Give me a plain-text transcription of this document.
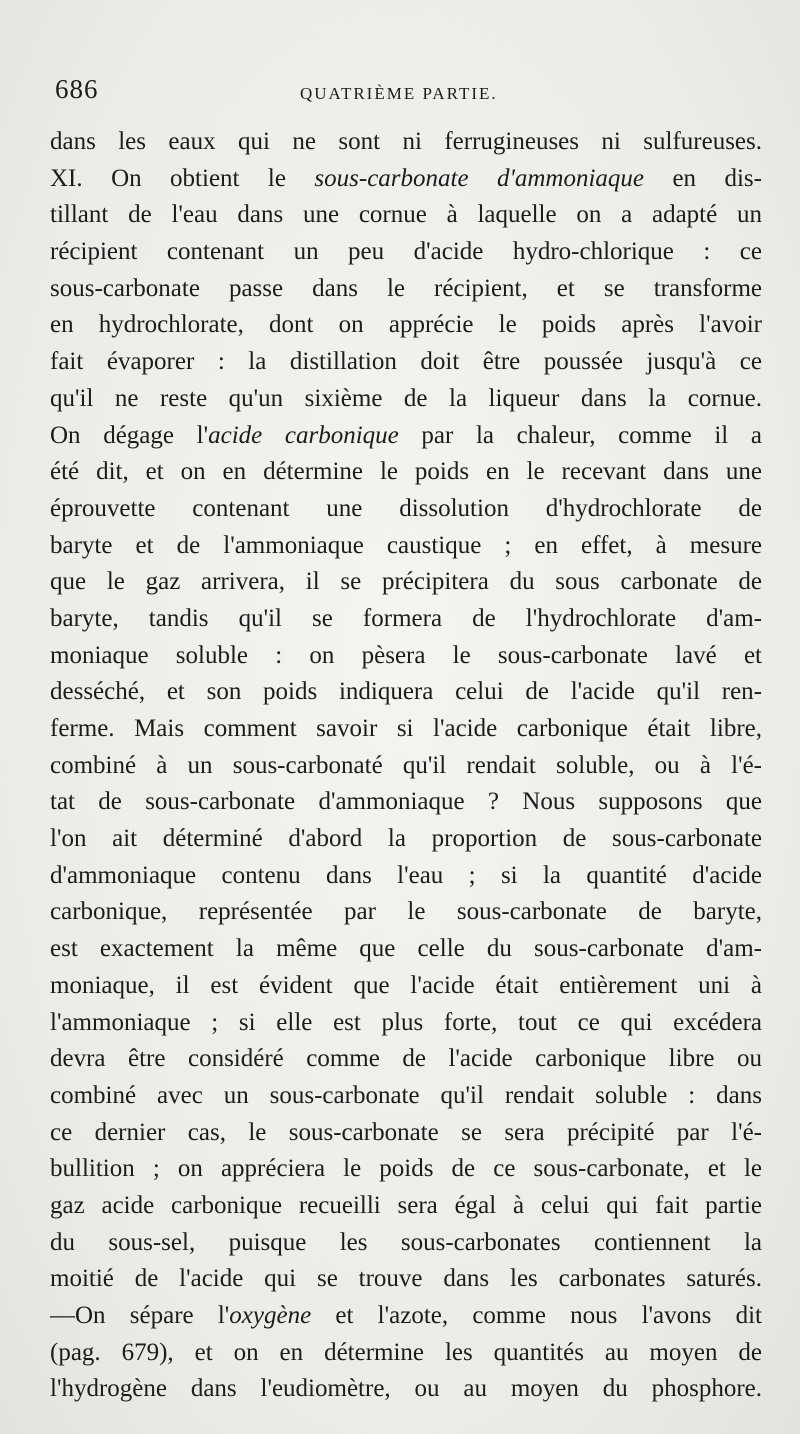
686	QUATRIÈME PARTIE.
dans les eaux qui ne sont ni ferrugineuses ni sulfureuses.
XI. On obtient le sous-carbonate d'ammoniaque en dis-
tillant de l'eau dans une cornue à laquelle on a adapté un
récipient contenant un peu d'acide hydro-chlorique : ce
sous-carbonate passe dans le récipient, et se transforme
en hydrochlorate, dont on apprécie le poids après l'avoir
fait évaporer : la distillation doit être poussée jusqu'à ce
qu'il ne reste qu'un sixième de la liqueur dans la cornue.
On dégage l'acide carbonique par la chaleur, comme il a
été dit, et on en détermine le poids en le recevant dans une
éprouvette contenant une dissolution d'hydrochlorate de
baryte et de l'ammoniaque caustique ; en effet, à mesure
que le gaz arrivera, il se précipitera du sous carbonate de
baryte, tandis qu'il se formera de l'hydrochlorate d'am-
moniaque soluble : on pèsera le sous-carbonate lavé et
desséché, et son poids indiquera celui de l'acide qu'il ren-
ferme. Mais comment savoir si l'acide carbonique était libre,
combiné à un sous-carbonaté qu'il rendait soluble, ou à l'é-
tat de sous-carbonate d'ammoniaque ? Nous supposons que
l'on ait déterminé d'abord la proportion de sous-carbonate
d'ammoniaque contenu dans l'eau ; si la quantité d'acide
carbonique, représentée par le sous-carbonate de baryte,
est exactement la même que celle du sous-carbonate d'am-
moniaque, il est évident que l'acide était entièrement uni à
l'ammoniaque ; si elle est plus forte, tout ce qui excédera
devra être considéré comme de l'acide carbonique libre ou
combiné avec un sous-carbonate qu'il rendait soluble : dans
ce dernier cas, le sous-carbonate se sera précipité par l'é-
bullition ; on appréciera le poids de ce sous-carbonate, et le
gaz acide carbonique recueilli sera égal à celui qui fait partie
du sous-sel, puisque les sous-carbonates contiennent la
moitié de l'acide qui se trouve dans les carbonates saturés.
—On sépare l'oxygène et l'azote, comme nous l'avons dit
(pag. 679), et on en détermine les quantités au moyen de
l'hydrogène dans l'eudiomètre, ou au moyen du phosphore.
